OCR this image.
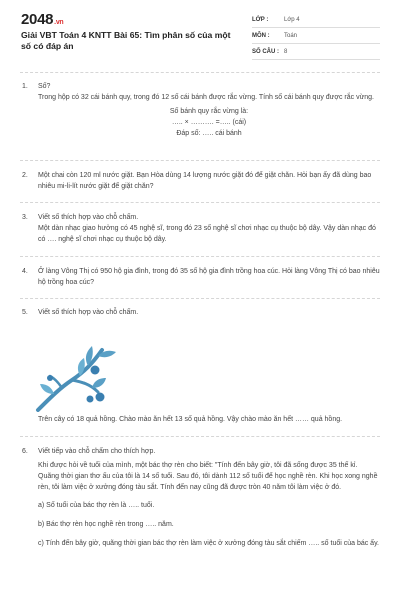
2048.vn
Giải VBT Toán 4 KNTT Bài 65: Tìm phân số của một số có đáp án
LỚP :	Lớp 4
MÔN : Toán
SỐ CÂU : 8
1.	Số?
Trong hộp có 32 cái bánh quy, trong đó 12 số cái bánh được rắc vừng. Tính số cái bánh quy được rắc vừng.
Số bánh quy rắc vừng là:
….. × ………. =….. (cái)
Đáp số: ….. cái bánh
2.	Một chai còn 120 ml nước giặt. Bạn Hòa dùng 14 lượng nước giặt đó để giặt chăn. Hỏi bạn ấy đã dùng bao nhiêu mi-li-lít nước giặt để giặt chăn?
3.	Viết số thích hợp vào chỗ chấm.
Một dàn nhạc giao hưởng có 45 nghệ sĩ, trong đó 23 số nghệ sĩ chơi nhạc cụ thuộc bộ dây. Vậy dàn nhạc đó có …. nghệ sĩ chơi nhạc cụ thuộc bộ dây.
4.	Ở làng Vông Thị có 950 hộ gia đình, trong đó 35 số hộ gia đình trồng hoa cúc. Hỏi làng Vông Thị có bao nhiêu hộ trồng hoa cúc?
5.	Viết số thích hợp vào chỗ chấm.
Trên cây có 18 quả hồng. Chào mào ăn hết 13 số quả hồng. Vậy chào mào ăn hết …… quả hồng.
6.	Viết tiếp vào chỗ chấm cho thích hợp.
Khi được hỏi về tuổi của mình, một bác thợ rèn cho biết: "Tính đến bây giờ, tôi đã sống được 35 thế kỉ. Quãng thời gian thơ ấu của tôi là 14 số tuổi. Sau đó, tôi dành 112 số tuổi để học nghề rèn. Khi học xong nghề rèn, tôi làm việc ở xưởng đóng tàu sắt. Tính đến nay cũng đã được tròn 40 năm tôi làm việc ở đó.
a) Số tuổi của bác thợ rèn là ….. tuổi.
b) Bác thợ rèn học nghề rèn trong ….. năm.
c) Tính đến bây giờ, quãng thời gian bác thợ rèn làm việc ở xưởng đóng tàu sắt chiếm ….. số tuổi của bác ấy.
